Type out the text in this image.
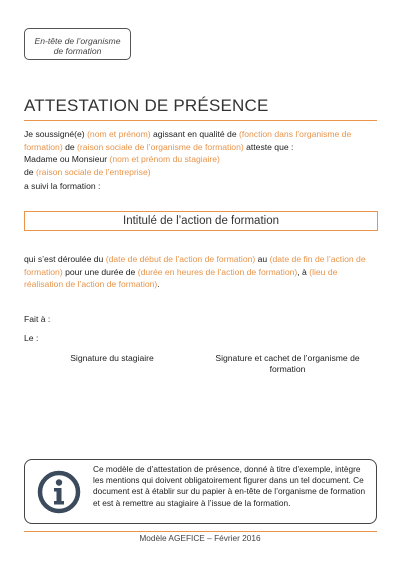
En-tête de l’organisme
de formation
ATTESTATION DE PRÉSENCE
Je soussigné(e) (nom et prénom) agissant en qualité de (fonction dans l’organisme de formation) de (raison sociale de l’organisme de formation) atteste que :
Madame ou Monsieur (nom et prénom du stagiaire)
de (raison sociale de l’entreprise)
a suivi la formation :
Intitulé de l’action de formation
qui s’est déroulée du (date de début de l’action de formation) au (date de fin de l’action de formation) pour une durée de (durée en heures de l’action de formation), à (lieu de réalisation de l’action de formation).
Fait à :
Le :
Signature du stagiaire	Signature et cachet de l’organisme de
formation
Ce modèle de d’attestation de présence, donné à titre d’exemple, intègre les mentions qui doivent obligatoirement figurer dans un tel document. Ce document est à établir sur du papier à en-tête de l’organisme de formation et est à remettre au stagiaire à l’issue de la formation.
Modèle AGEFICE – Février 2016
